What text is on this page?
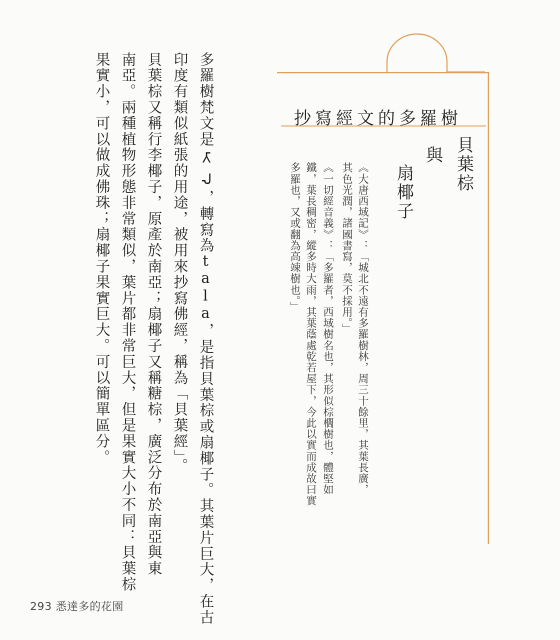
抄寫經文的多羅樹
貝葉棕
與
扇椰子
《大唐西域記》：「城北不遠有多羅樹林，周三十餘里，其葉長廣，
其色光潤，諸國書寫，莫不採用。」
《一切經音義》：「多羅者，西域樹名也，其形似棕櫚樹也，體堅如
鐵，葉長稠密，縱多時大雨，其葉蔭處乾若屋下，今此以實而成故曰實
多羅也，又或翻為高竦樹也。」
多羅樹梵文是𑀢𑀸𑀮，轉寫為tala，是指貝葉棕或扇椰子。其葉片巨大，在古
印度有類似紙張的用途，被用來抄寫佛經，稱為「貝葉經」。
貝葉棕又稱行李椰子，原產於南亞；扇椰子又稱糖棕，廣泛分布於南亞與東
南亞。兩種植物形態非常類似，葉片都非常巨大，但是果實大小不同：貝葉棕
果實小，可以做成佛珠；扇椰子果實巨大。可以簡單區分。
293 悉達多的花園
